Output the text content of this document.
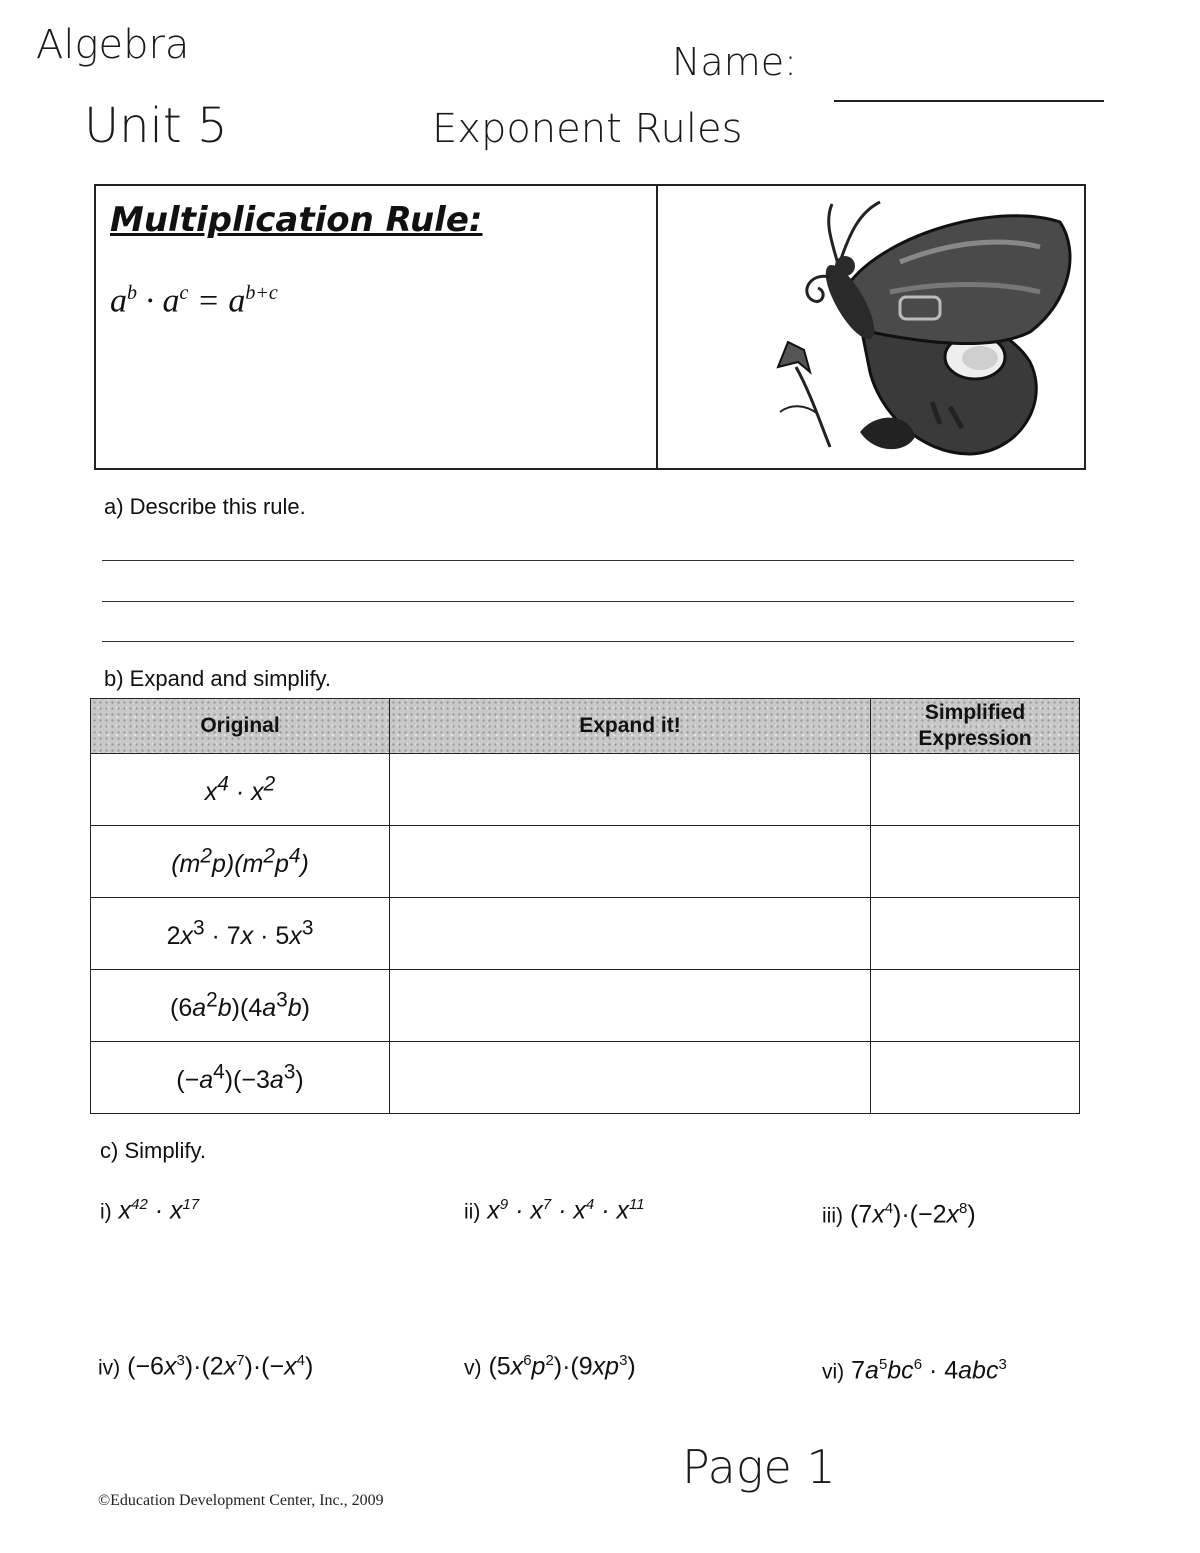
Algebra
Unit 5
Name:
Exponent Rules
Multiplication Rule:
$a^b \cdot a^c = a^{b+c}$
a) Describe this rule.
b) Expand and simplify.
Original	Expand it!	Simplified Expression
$x^4 \cdot x^2$		
$(m^2p)(m^2p^4)$		
$2x^3 \cdot 7x \cdot 5x^3$		
$(6a^2b)(4a^3b)$		
$(-a^4)(-3a^3)$		
c) Simplify.
i) $x^{42} \cdot x^{17}$	ii) $x^9 \cdot x^7 \cdot x^4 \cdot x^{11}$	iii) $(7x^4)\cdot(-2x^8)$
iv) $(-6x^3)\cdot(2x^7)\cdot(-x^4)$	v) $(5x^6p^2)\cdot(9xp^3)$	vi) $7a^5bc^6 \cdot 4abc^3$
©Education Development Center, Inc., 2009
Page 1
